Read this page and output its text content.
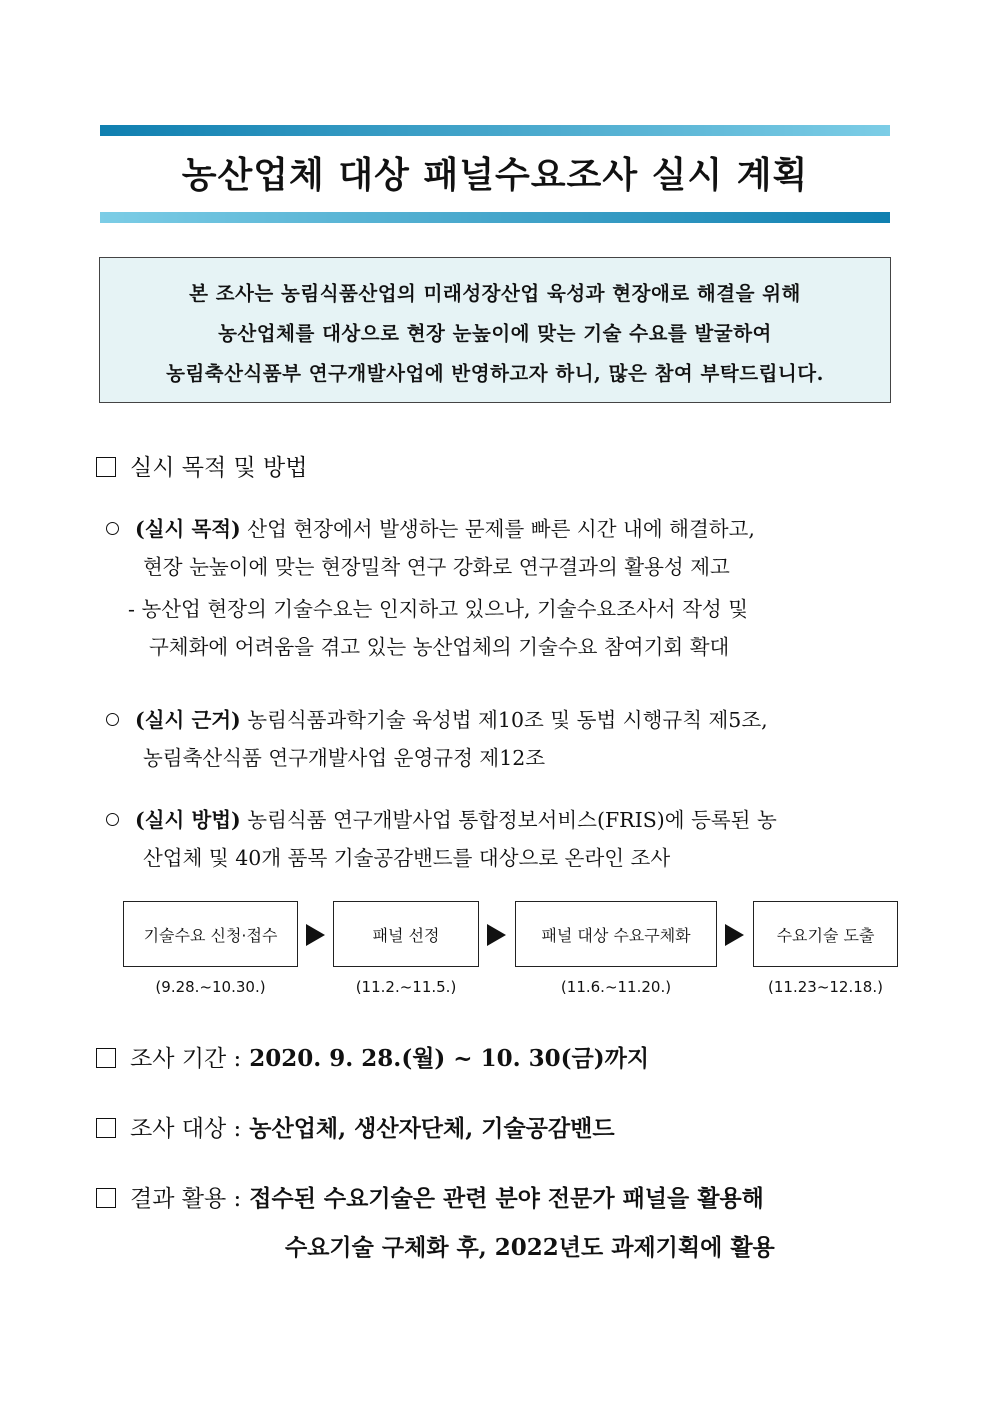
농산업체 대상 패널수요조사 실시 계획
본 조사는 농림식품산업의 미래성장산업 육성과 현장애로 해결을 위해
농산업체를 대상으로 현장 눈높이에 맞는 기술 수요를 발굴하여
농림축산식품부 연구개발사업에 반영하고자 하니, 많은 참여 부탁드립니다.
실시 목적 및 방법
(실시 목적) 산업 현장에서 발생하는 문제를 빠른 시간 내에 해결하고,
현장 눈높이에 맞는 현장밀착 연구 강화로 연구결과의 활용성 제고
- 농산업 현장의 기술수요는 인지하고 있으나, 기술수요조사서 작성 및
구체화에 어려움을 겪고 있는 농산업체의 기술수요 참여기회 확대
(실시 근거) 농림식품과학기술 육성법 제10조 및 동법 시행규칙 제5조,
농림축산식품 연구개발사업 운영규정 제12조
(실시 방법) 농림식품 연구개발사업 통합정보서비스(FRIS)에 등록된 농
산업체 및 40개 품목 기술공감밴드를 대상으로 온라인 조사
기술수요 신청·접수	패널 선정	패널 대상 수요구체화	수요기술 도출
(9.28.~10.30.)	(11.2.~11.5.)	(11.6.~11.20.)	(11.23~12.18.)
조사 기간 : 2020. 9. 28.(월) ~ 10. 30(금)까지
조사 대상 : 농산업체, 생산자단체, 기술공감밴드
결과 활용 : 접수된 수요기술은 관련 분야 전문가 패널을 활용해
수요기술 구체화 후, 2022년도 과제기획에 활용
